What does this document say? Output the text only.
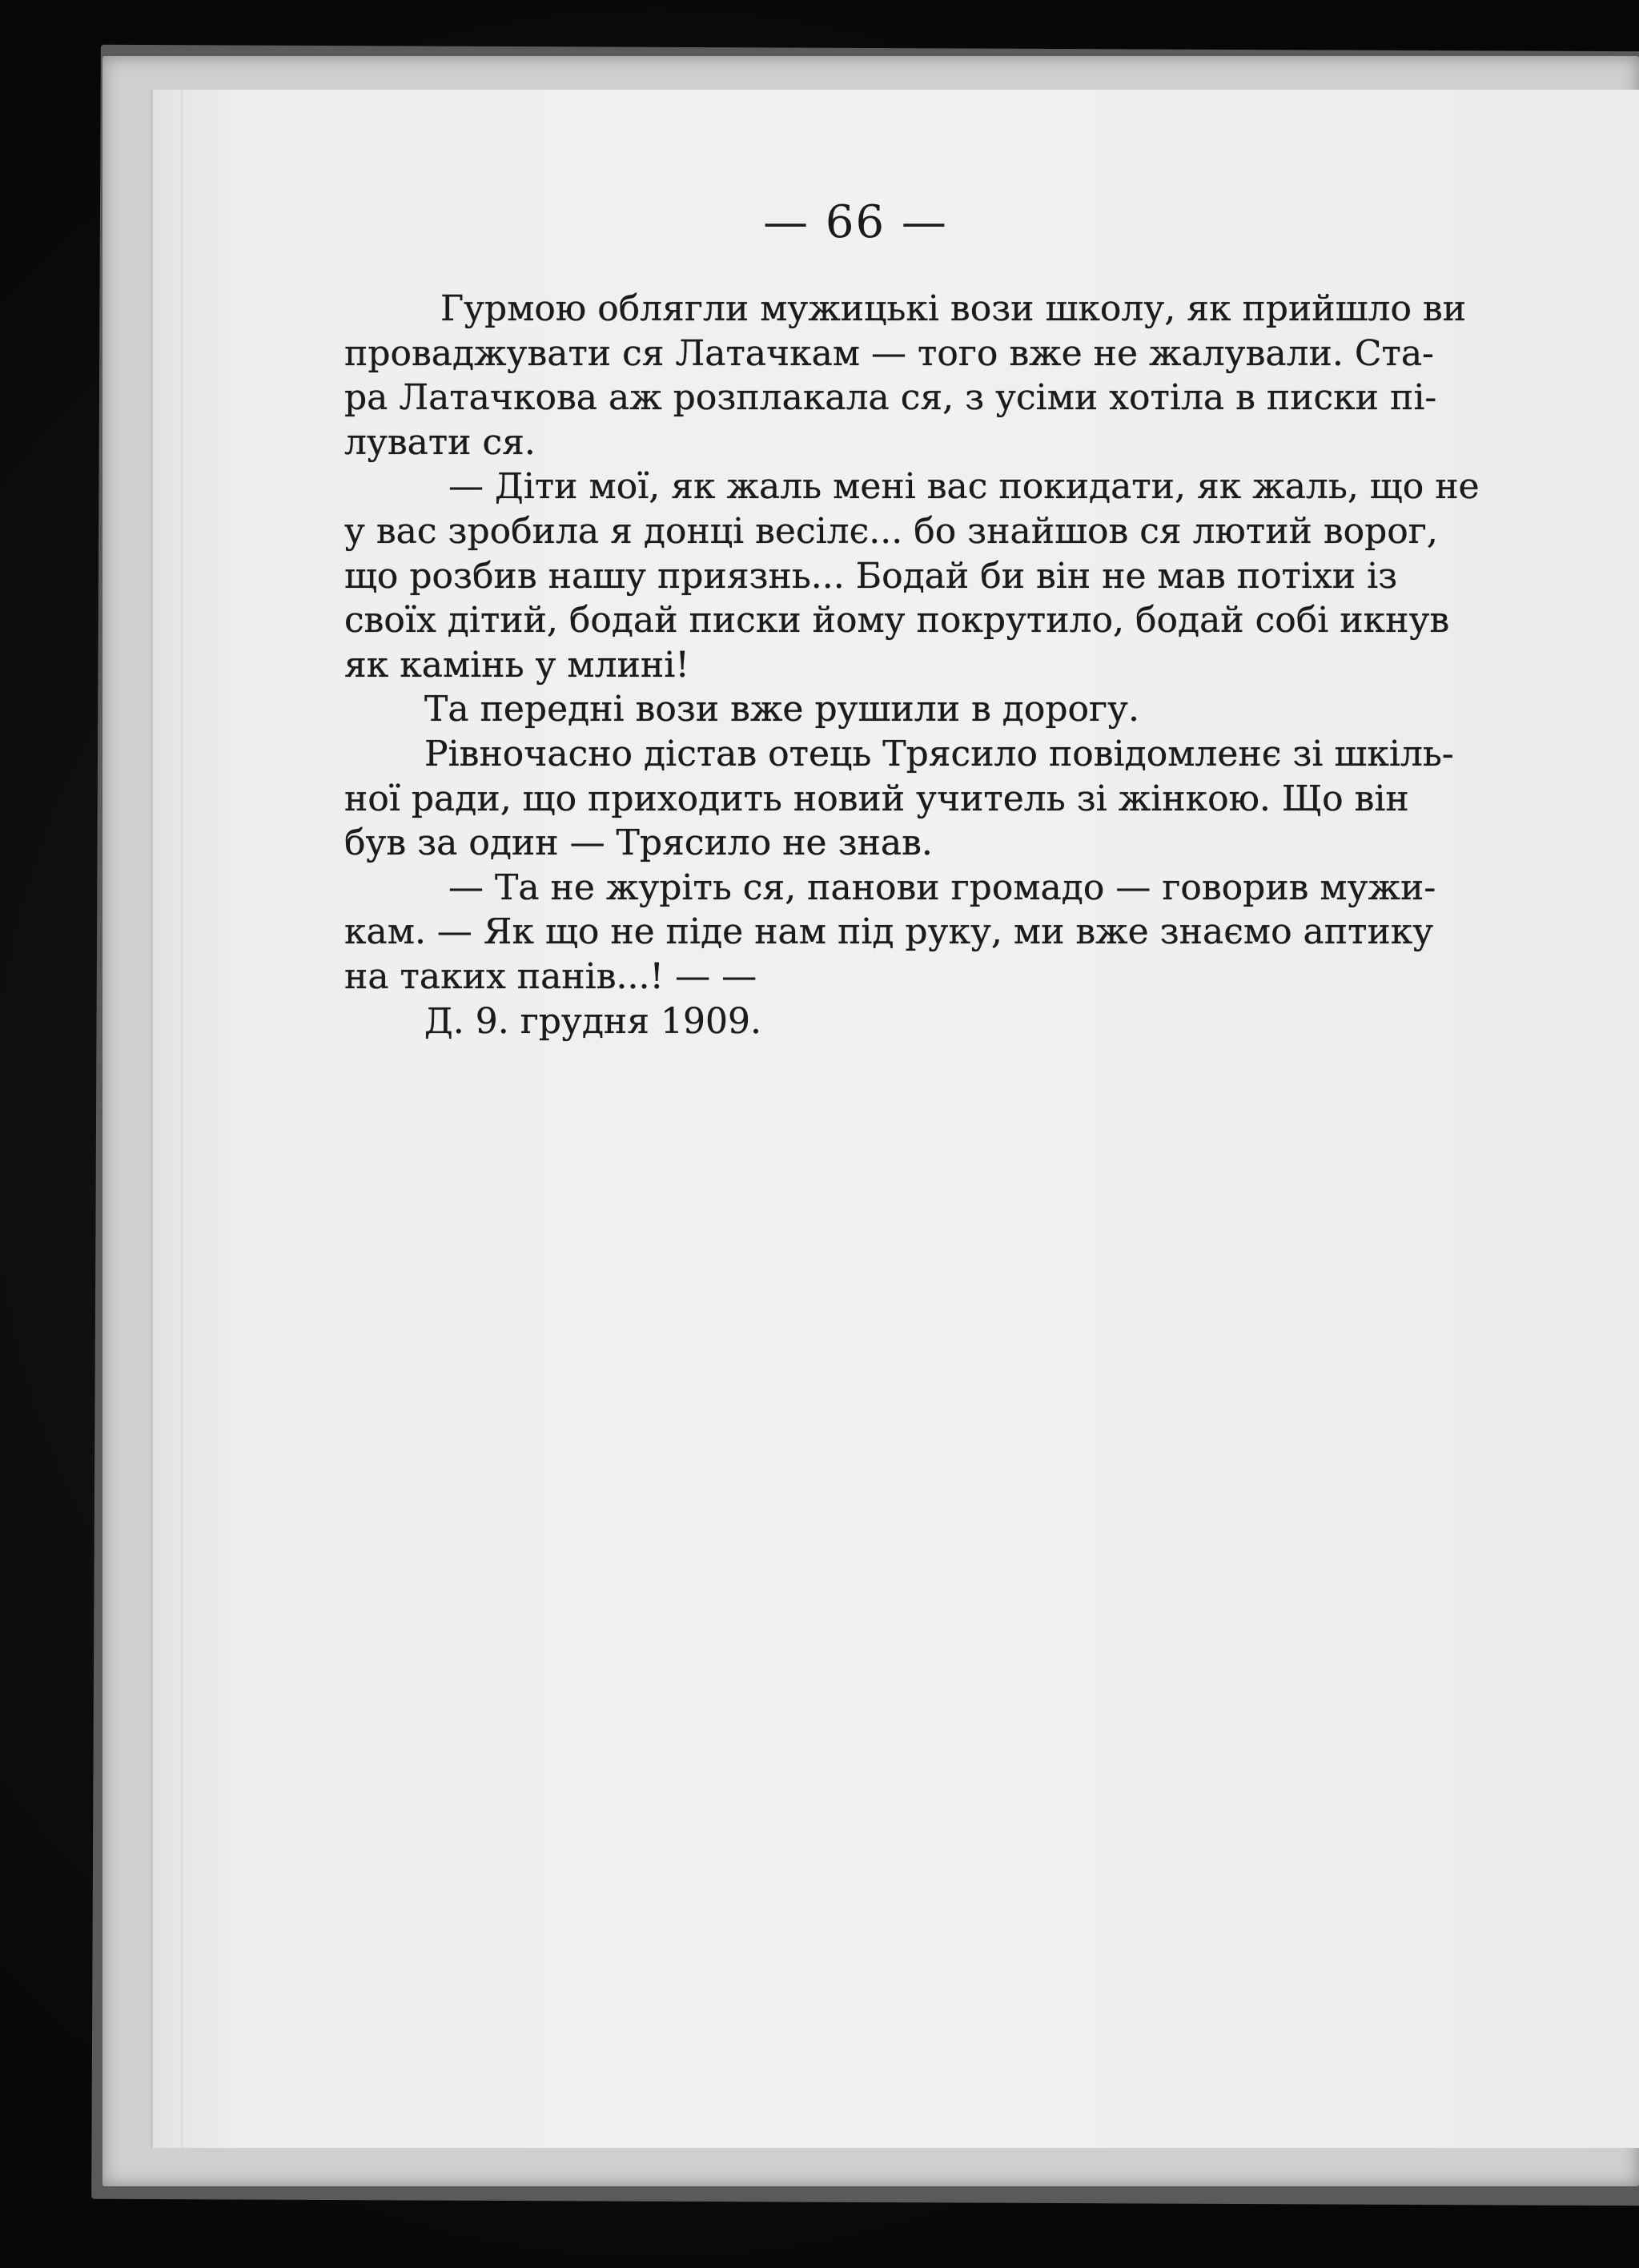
— 66 —
Гурмою облягли мужицькі вози школу, як прийшло ви
проваджувати ся Латачкам — того вже не жалували. Ста-
ра Латачкова аж розплакала ся, з усіми хотіла в писки пі-
лувати ся.
— Діти мої, як жаль мені вас покидати, як жаль, що не
у вас зробила я донці весілє... бо знайшов ся лютий ворог,
що розбив нашу приязнь... Бодай би він не мав потіхи із
своїх дітий, бодай писки йому покрутило, бодай собі икнув
як камінь у млині!
Та передні вози вже рушили в дорогу.
Рівночасно дістав отець Трясило повідомленє зі шкіль-
ної ради, що приходить новий учитель зі жінкою. Що він
був за один — Трясило не знав.
— Та не журіть ся, панови громадо — говорив мужи-
кам. — Як що не піде нам під руку, ми вже знаємо аптику
на таких панів...! — —
Д. 9. грудня 1909.
